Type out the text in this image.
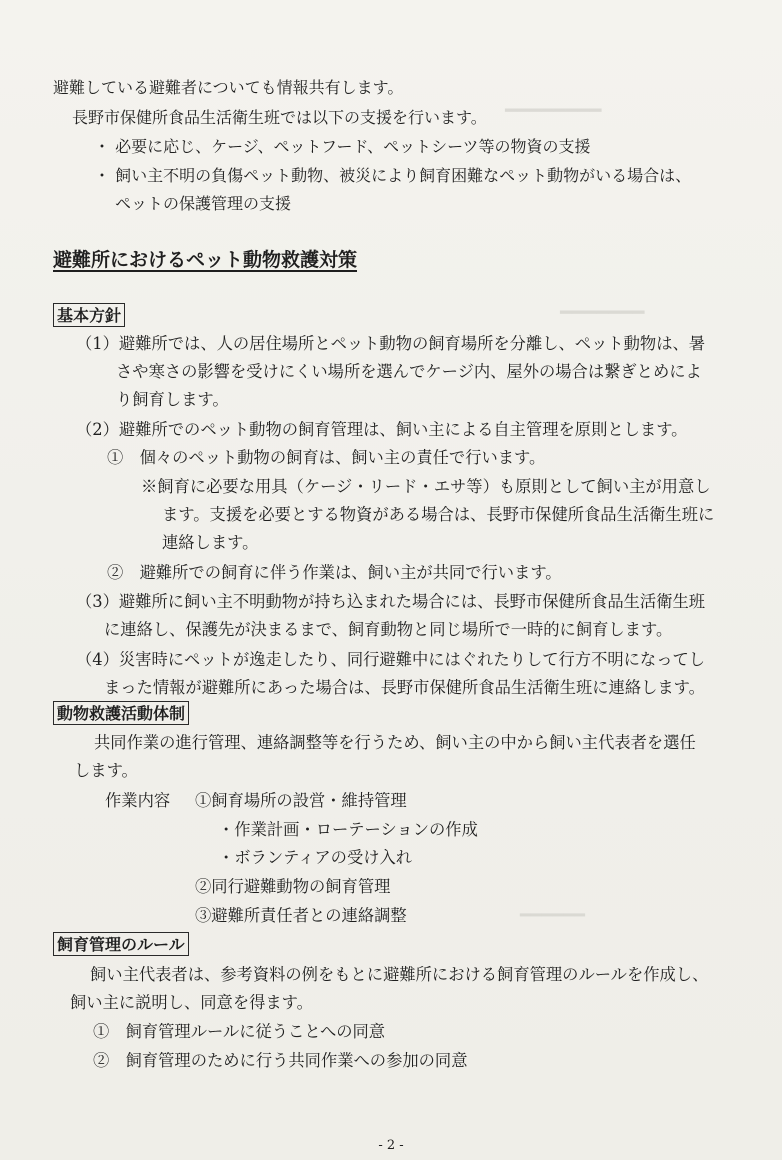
━━━━━━━━
━━━━━━━
━━━━━━
避難している避難者についても情報共有します。
長野市保健所食品生活衛生班では以下の支援を行います。
・ 必要に応じ、ケージ、ペットフード、ペットシーツ等の物資の支援
・ 飼い主不明の負傷ペット動物、被災により飼育困難なペット動物がいる場合は、
ペットの保護管理の支援
避難所におけるペット動物救護対策
基本方針
（1）避難所では、人の居住場所とペット動物の飼育場所を分離し、ペット動物は、暑
さや寒さの影響を受けにくい場所を選んでケージ内、屋外の場合は繋ぎとめによ
り飼育します。
（2）避難所でのペット動物の飼育管理は、飼い主による自主管理を原則とします。
①　個々のペット動物の飼育は、飼い主の責任で行います。
※飼育に必要な用具（ケージ・リード・エサ等）も原則として飼い主が用意し
ます。支援を必要とする物資がある場合は、長野市保健所食品生活衛生班に
連絡します。
②　避難所での飼育に伴う作業は、飼い主が共同で行います。
（3）避難所に飼い主不明動物が持ち込まれた場合には、長野市保健所食品生活衛生班
に連絡し、保護先が決まるまで、飼育動物と同じ場所で一時的に飼育します。
（4）災害時にペットが逸走したり、同行避難中にはぐれたりして行方不明になってし
まった情報が避難所にあった場合は、長野市保健所食品生活衛生班に連絡します。
動物救護活動体制
共同作業の進行管理、連絡調整等を行うため、飼い主の中から飼い主代表者を選任
します。
作業内容 ①飼育場所の設営・維持管理
・作業計画・ローテーションの作成
・ボランティアの受け入れ
②同行避難動物の飼育管理
③避難所責任者との連絡調整
飼育管理のルール
飼い主代表者は、参考資料の例をもとに避難所における飼育管理のルールを作成し、
飼い主に説明し、同意を得ます。
①　飼育管理ルールに従うことへの同意
②　飼育管理のために行う共同作業への参加の同意
- 2 -
